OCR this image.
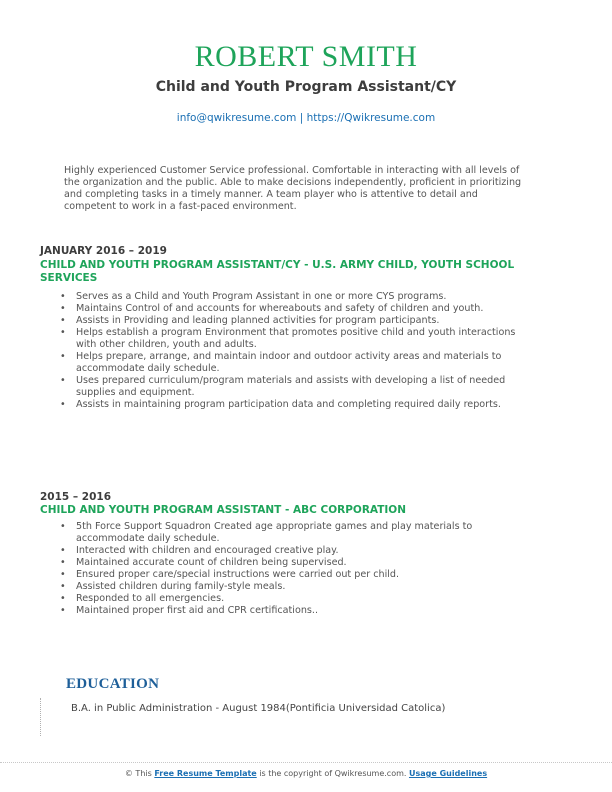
ROBERT SMITH
Child and Youth Program Assistant/CY
info@qwikresume.com | https://Qwikresume.com
Highly experienced Customer Service professional. Comfortable in interacting with all levels of the organization and the public. Able to make decisions independently, proficient in prioritizing and completing tasks in a timely manner. A team player who is attentive to detail and competent to work in a fast-paced environment.
JANUARY 2016 – 2019
CHILD AND YOUTH PROGRAM ASSISTANT/CY - U.S. ARMY CHILD, YOUTH SCHOOL SERVICES
• Serves as a Child and Youth Program Assistant in one or more CYS programs.
• Maintains Control of and accounts for whereabouts and safety of children and youth.
• Assists in Providing and leading planned activities for program participants.
• Helps establish a program Environment that promotes positive child and youth interactions with other children, youth and adults.
• Helps prepare, arrange, and maintain indoor and outdoor activity areas and materials to accommodate daily schedule.
• Uses prepared curriculum/program materials and assists with developing a list of needed supplies and equipment.
• Assists in maintaining program participation data and completing required daily reports.
2015 – 2016
CHILD AND YOUTH PROGRAM ASSISTANT - ABC CORPORATION
• 5th Force Support Squadron Created age appropriate games and play materials to accommodate daily schedule.
• Interacted with children and encouraged creative play.
• Maintained accurate count of children being supervised.
• Ensured proper care/special instructions were carried out per child.
• Assisted children during family-style meals.
• Responded to all emergencies.
• Maintained proper first aid and CPR certifications..
EDUCATION
B.A. in Public Administration - August 1984(Pontificia Universidad Catolica)
© This Free Resume Template is the copyright of Qwikresume.com. Usage Guidelines
